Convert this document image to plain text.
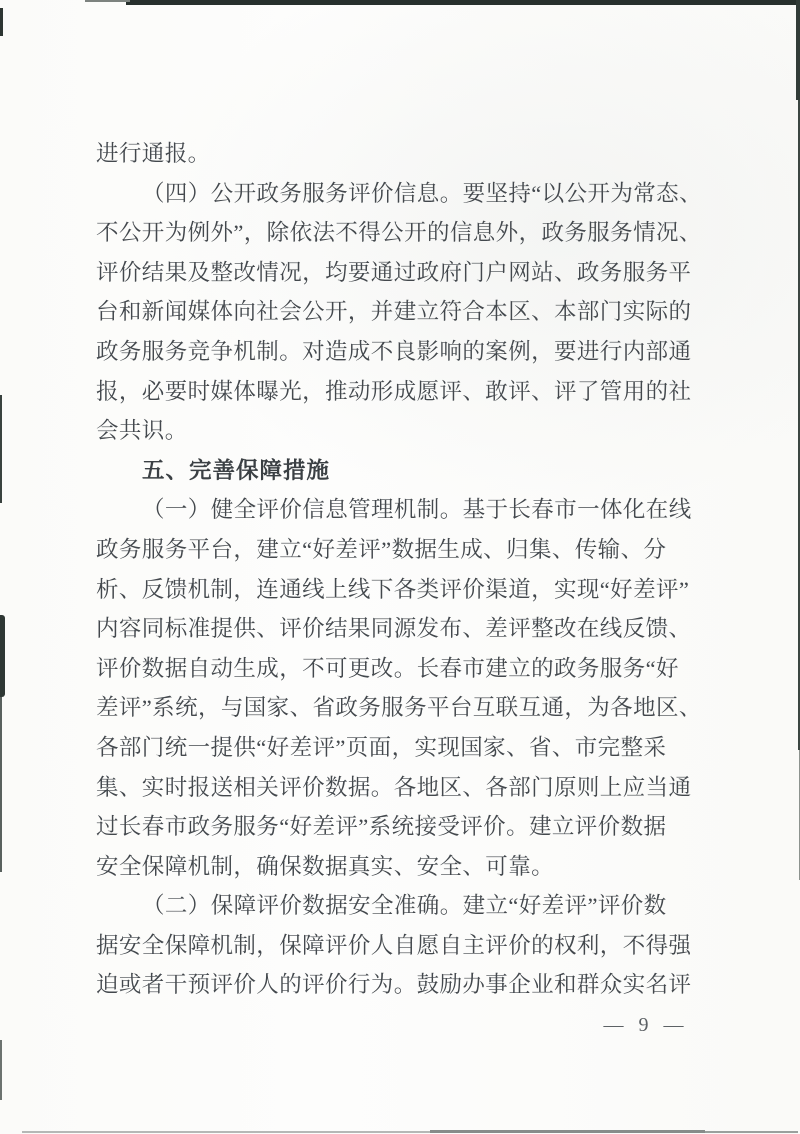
进行通报。
（四）公开政务服务评价信息。要坚持“以公开为常态、
不公开为例外”，除依法不得公开的信息外，政务服务情况、
评价结果及整改情况，均要通过政府门户网站、政务服务平
台和新闻媒体向社会公开，并建立符合本区、本部门实际的
政务服务竞争机制。对造成不良影响的案例，要进行内部通
报，必要时媒体曝光，推动形成愿评、敢评、评了管用的社
会共识。
五、完善保障措施
（一）健全评价信息管理机制。基于长春市一体化在线
政务服务平台，建立“好差评”数据生成、归集、传输、分
析、反馈机制，连通线上线下各类评价渠道，实现“好差评”
内容同标准提供、评价结果同源发布、差评整改在线反馈、
评价数据自动生成，不可更改。长春市建立的政务服务“好
差评”系统，与国家、省政务服务平台互联互通，为各地区、
各部门统一提供“好差评”页面，实现国家、省、市完整采
集、实时报送相关评价数据。各地区、各部门原则上应当通
过长春市政务服务“好差评”系统接受评价。建立评价数据
安全保障机制，确保数据真实、安全、可靠。
（二）保障评价数据安全准确。建立“好差评”评价数
据安全保障机制，保障评价人自愿自主评价的权利，不得强
迫或者干预评价人的评价行为。鼓励办事企业和群众实名评
— 9 —
